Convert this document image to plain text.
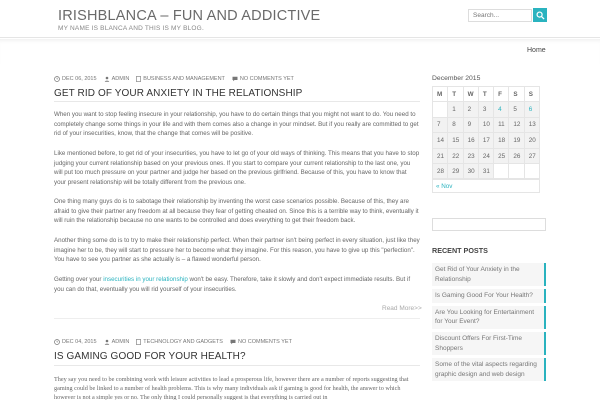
IRISHBLANCA – FUN AND ADDICTIVE
MY NAME IS BLANCA AND THIS IS MY BLOG.
Search...
Home
DEC 06, 2015	ADMIN	BUSINESS AND MANAGEMENT	NO COMMENTS YET
GET RID OF YOUR ANXIETY IN THE RELATIONSHIP
When you want to stop feeling insecure in your relationship, you have to do certain things that you might not want to do. You need to completely change some things in your life and with them comes also a change in your mindset. But if you really are committed to get rid of your insecurities, know, that the change that comes will be positive.
Like mentioned before, to get rid of your insecurities, you have to let go of your old ways of thinking. This means that you have to stop judging your current relationship based on your previous ones. If you start to compare your current relationship to the last one, you will put too much pressure on your partner and judge her based on the previous girlfriend. Because of this, you have to know that your present relationship will be totally different from the previous one.
One thing many guys do is to sabotage their relationship by inventing the worst case scenarios possible. Because of this, they are afraid to give their partner any freedom at all because they fear of getting cheated on. Since this is a terrible way to think, eventually it will ruin the relationship because no one wants to be controlled and does everything to get their freedom back.
Another thing some do is to try to make their relationship perfect. When their partner isn't being perfect in every situation, just like they imagine her to be, they will start to pressure her to become what they imagine. For this reason, you have to give up this "perfection". You have to see you partner as she actually is – a flawed wonderful person.
Getting over your insecurities in your relationship won't be easy. Therefore, take it slowly and don't expect immediate results. But if you can do that, eventually you will rid yourself of your insecurities.
Read More>>
DEC 04, 2015	ADMIN	TECHNOLOGY AND GADGETS	NO COMMENTS YET
IS GAMING GOOD FOR YOUR HEALTH?
They say you need to be combining work with leisure activities to lead a prosperous life, however there are a number of reports suggesting that gaming could be linked to a number of health problems. This is why many individuals ask if gaming is good for health, the answer to which however is not a simple yes or no. The only thing I could personally suggest is that everything is carried out in
December 2015
M	T	W	T	F	S	S
	1	2	3	4	5	6
7	8	9	10	11	12	13
14	15	16	17	18	19	20
21	22	23	24	25	26	27
28	29	30	31			
« Nov
RECENT POSTS
Get Rid of Your Anxiety in the Relationship
Is Gaming Good For Your Health?
Are You Looking for Entertainment for Your Event?
Discount Offers For First-Time Shoppers
Some of the vital aspects regarding graphic design and web design
